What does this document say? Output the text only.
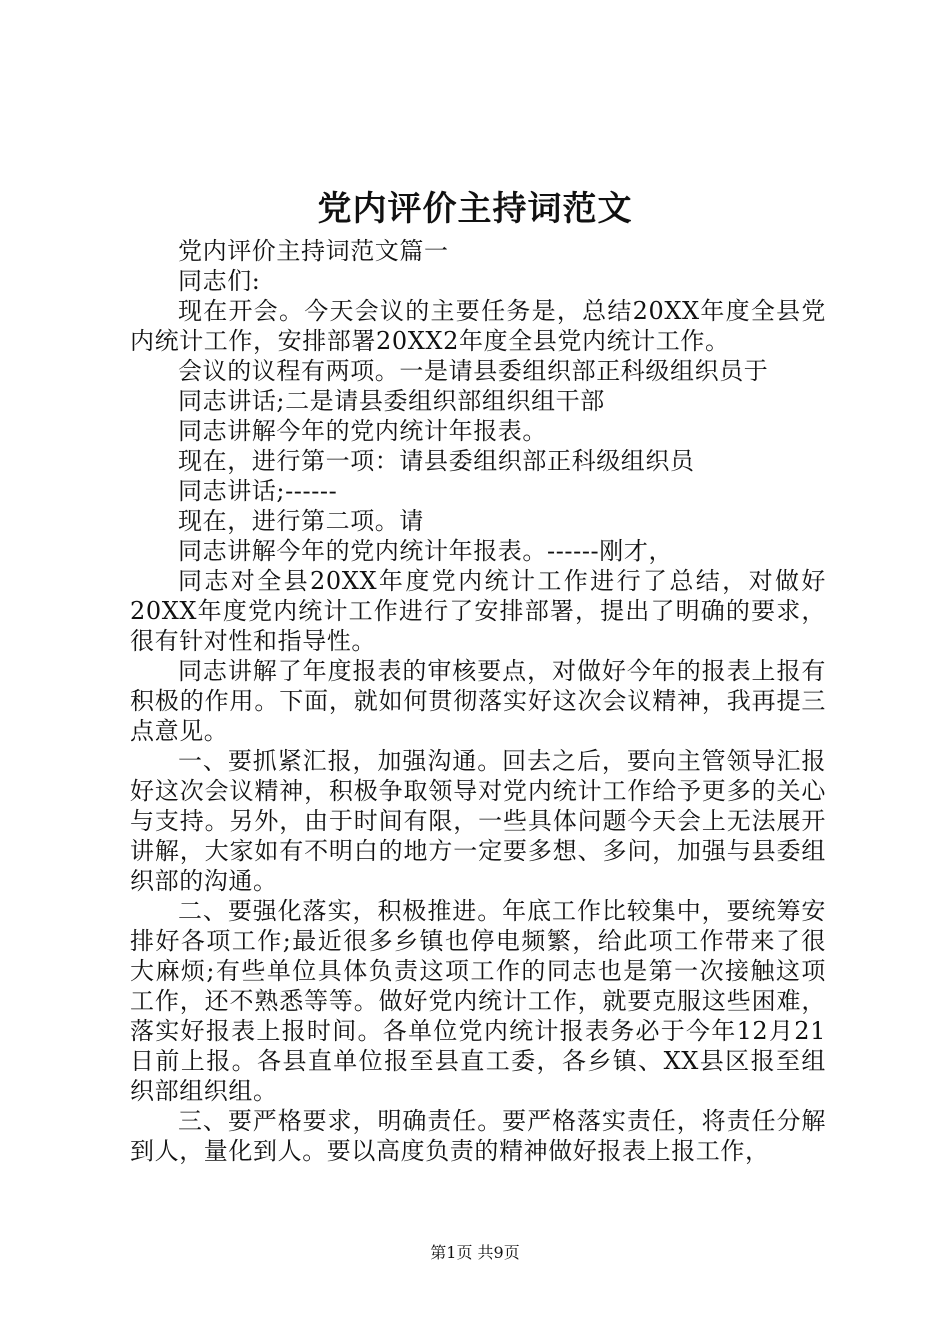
党内评价主持词范文

党内评价主持词范文篇一

同志们:

现在开会。今天会议的主要任务是，总结20XX年度全县党内统计工作，安排部署20XX2年度全县党内统计工作。

会议的议程有两项。一是请县委组织部正科级组织员于

同志讲话;二是请县委组织部组织组干部

同志讲解今年的党内统计年报表。

现在，进行第一项：请县委组织部正科级组织员

同志讲话;------

现在，进行第二项。请

同志讲解今年的党内统计年报表。------刚才，

同志对全县20XX年度党内统计工作进行了总结，对做好20XX年度党内统计工作进行了安排部署，提出了明确的要求，很有针对性和指导性。

同志讲解了年度报表的审核要点，对做好今年的报表上报有积极的作用。下面，就如何贯彻落实好这次会议精神，我再提三点意见。

一、要抓紧汇报，加强沟通。回去之后，要向主管领导汇报好这次会议精神，积极争取领导对党内统计工作给予更多的关心与支持。另外，由于时间有限，一些具体问题今天会上无法展开讲解，大家如有不明白的地方一定要多想、多问，加强与县委组织部的沟通。

二、要强化落实，积极推进。年底工作比较集中，要统筹安排好各项工作;最近很多乡镇也停电频繁，给此项工作带来了很大麻烦;有些单位具体负责这项工作的同志也是第一次接触这项工作，还不熟悉等等。做好党内统计工作，就要克服这些困难，落实好报表上报时间。各单位党内统计报表务必于今年12月21日前上报。各县直单位报至县直工委，各乡镇、XX县区报至组织部组织组。

三、要严格要求，明确责任。要严格落实责任，将责任分解到人，量化到人。要以高度负责的精神做好报表上报工作，

第1页 共9页
